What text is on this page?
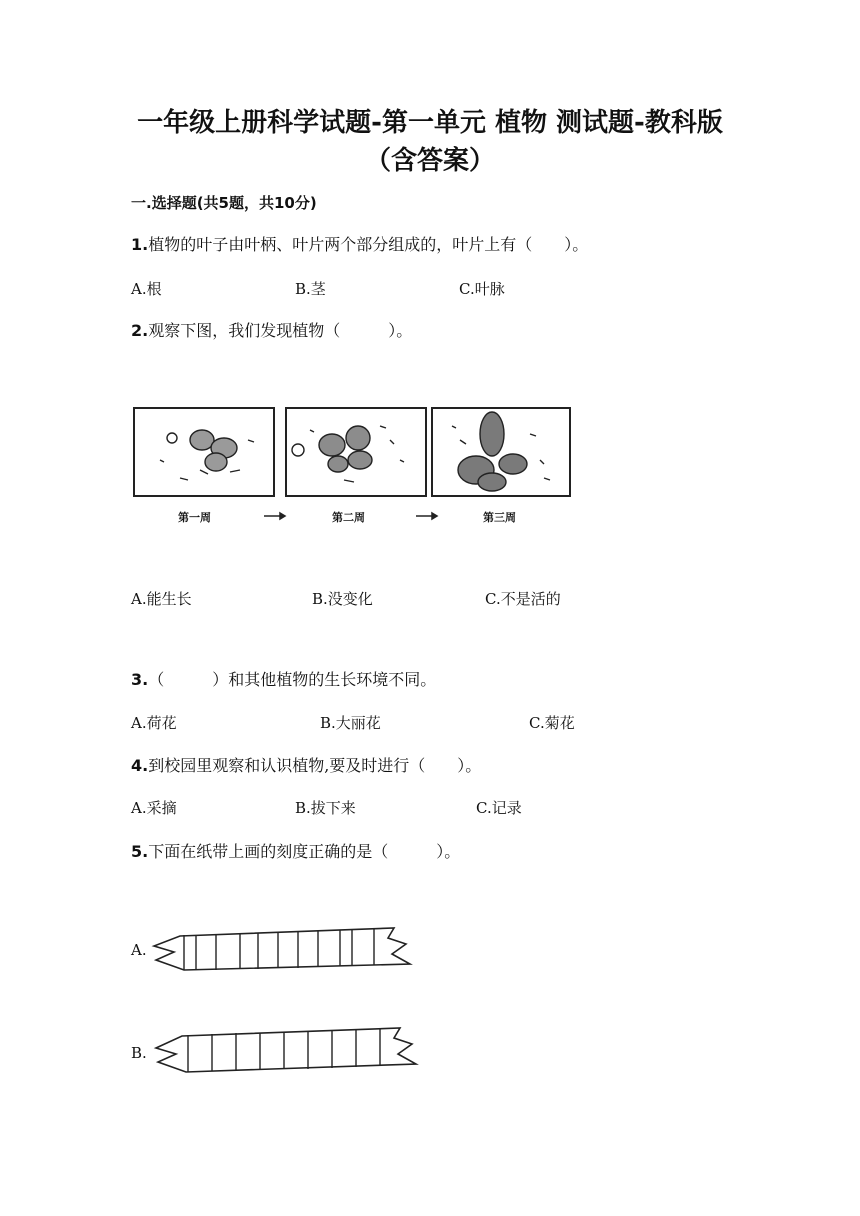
一年级上册科学试题-第一单元 植物 测试题-教科版（含答案）
一.选择题(共5题，共10分)
1.植物的叶子由叶柄、叶片两个部分组成的，叶片上有（　　）。
A.根	B.茎	C.叶脉
2.观察下图，我们发现植物（　　　）。
第一周	第二周	第三周
A.能生长	B.没变化	C.不是活的
3.（　　　）和其他植物的生长环境不同。
A.荷花	B.大丽花	C.菊花
4.到校园里观察和认识植物,要及时进行（　　）。
A.采摘	B.拔下来	C.记录
5.下面在纸带上画的刻度正确的是（　　　）。
A.
B.
